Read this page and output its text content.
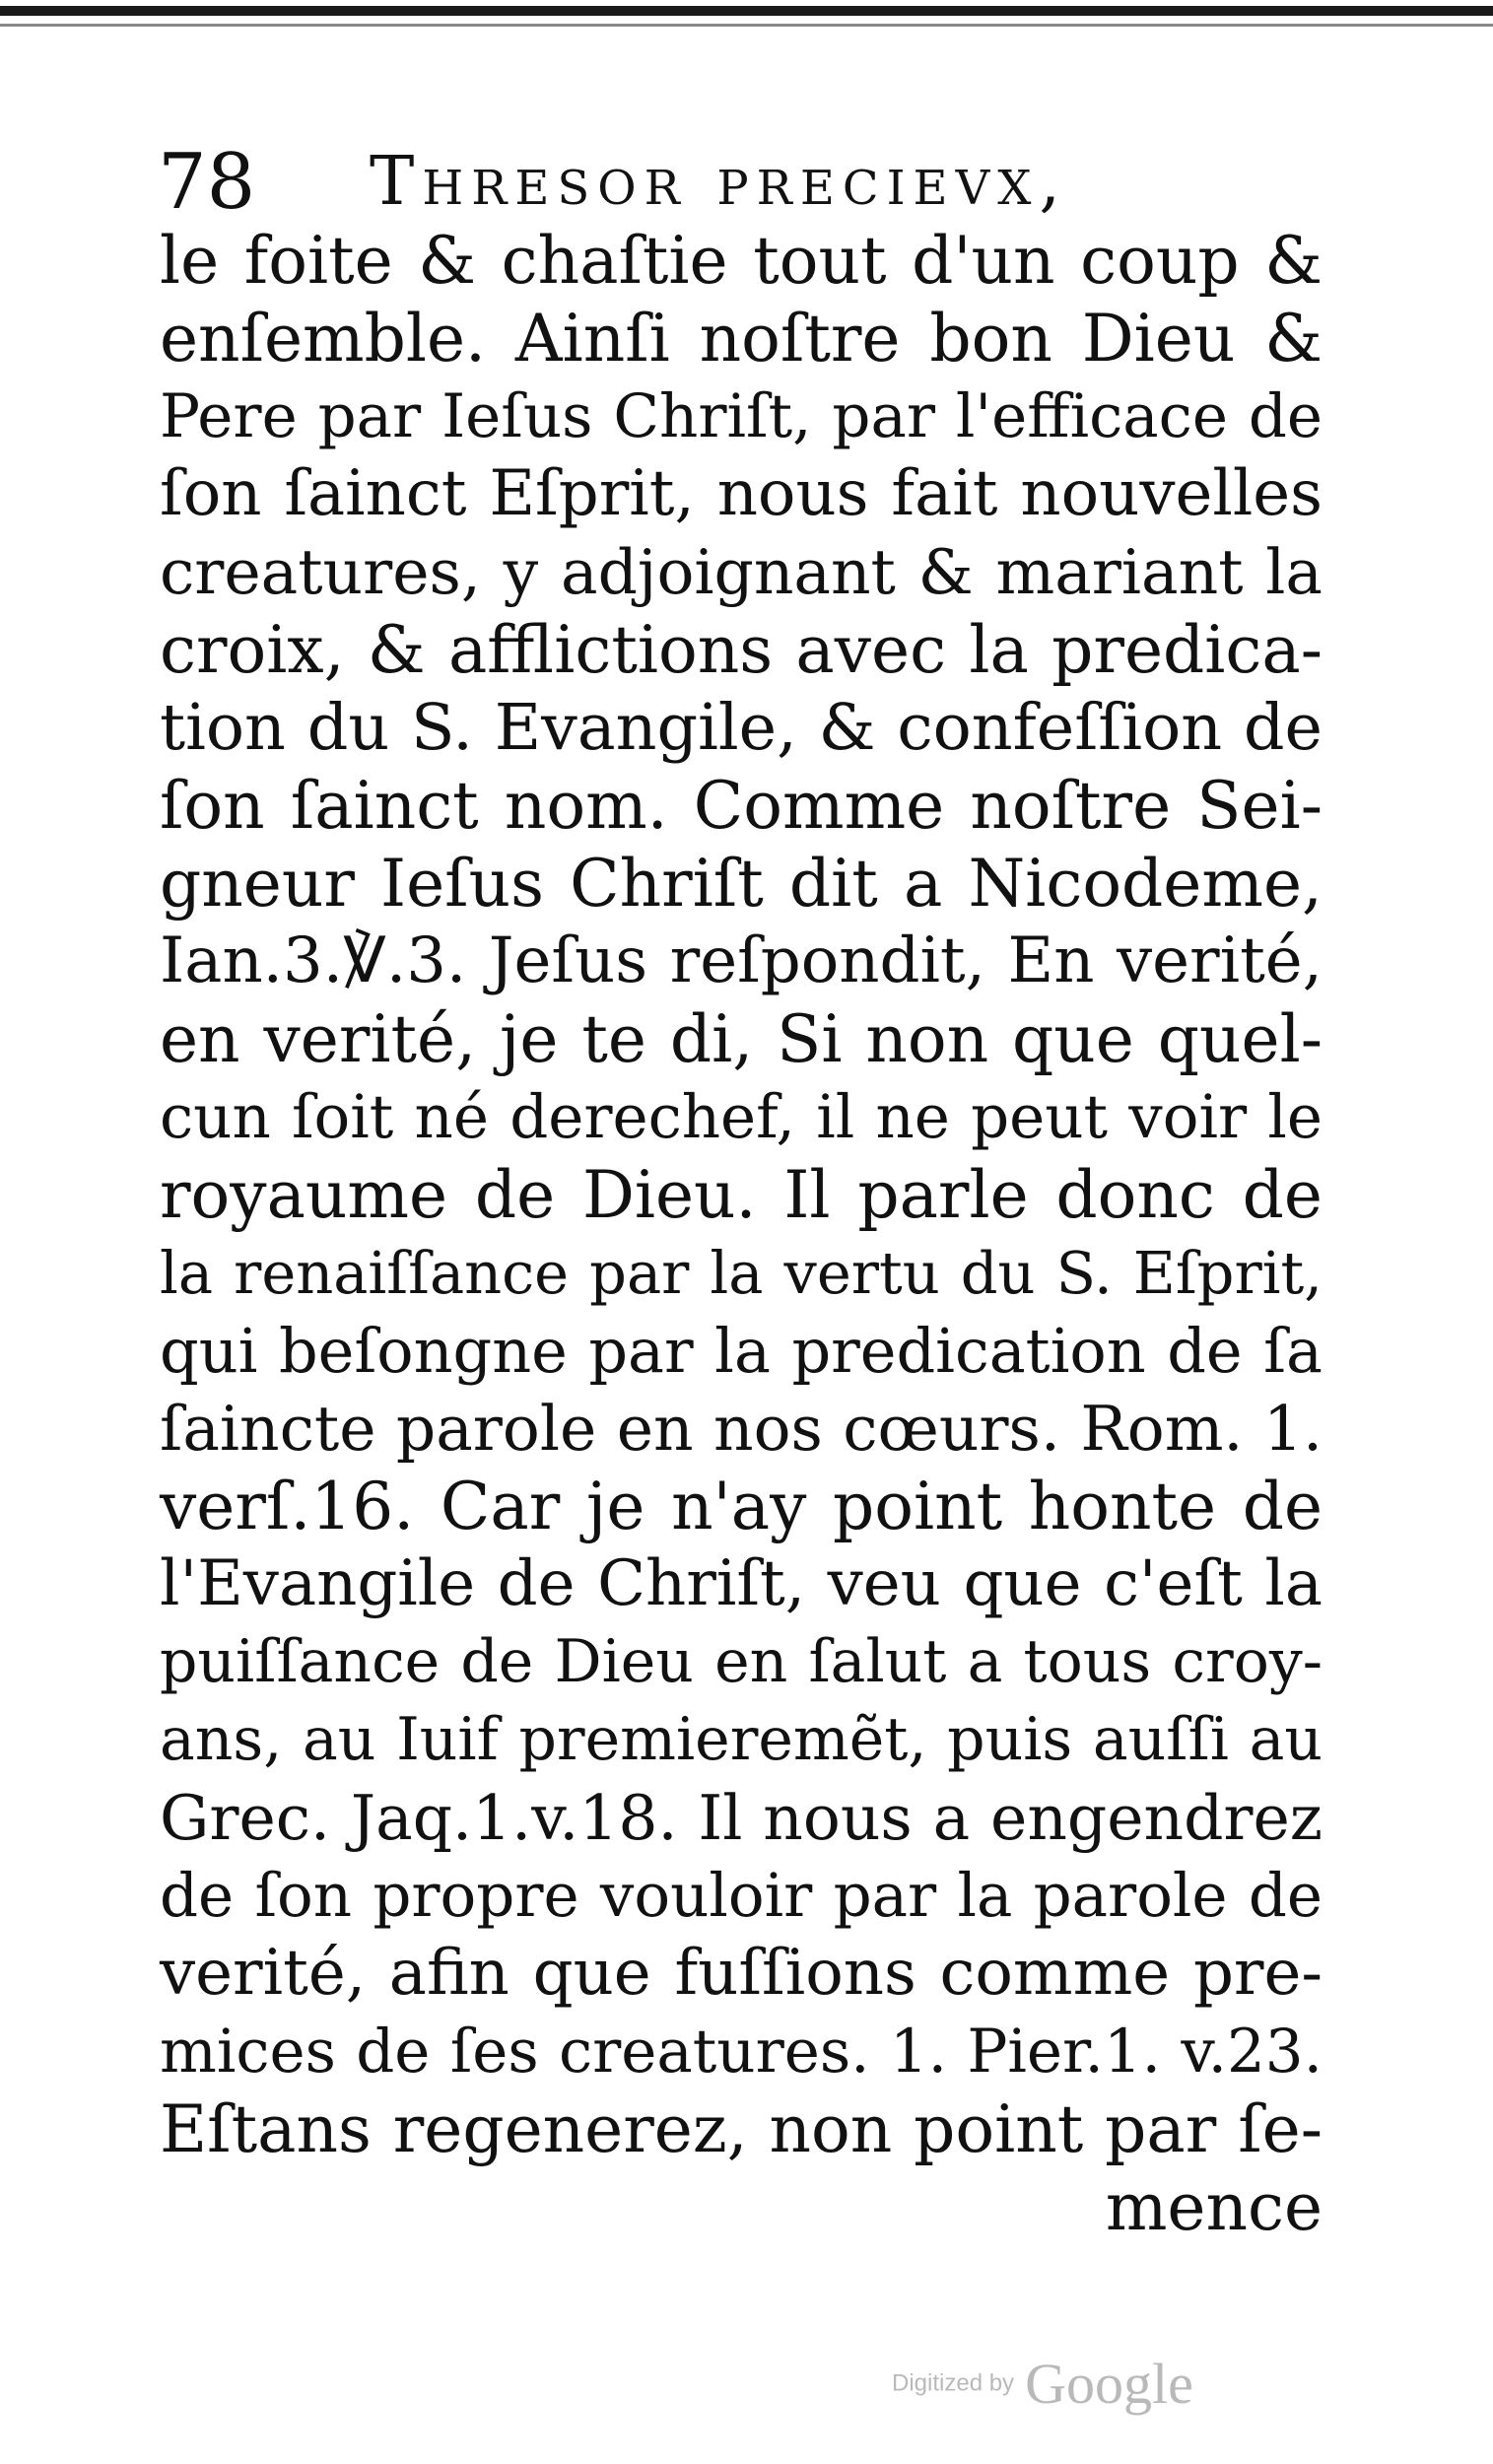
78 Thresor precievx,
le foite & chaſtie tout d'un coup &
enſemble. Ainſi noſtre bon Dieu &
Pere par Ieſus Chriſt, par l'efficace de
ſon ſainct Eſprit, nous fait nouvelles
creatures, y adjoignant & mariant la
croix, & afflictions avec la predica-
tion du S. Evangile, & confeſſion de
ſon ſainct nom. Comme noſtre Sei-
gneur Ieſus Chriſt dit a Nicodeme,
Ian.3.℣.3. Jeſus reſpondit, En verité,
en verité, je te di, Si non que quel-
cun ſoit né derechef, il ne peut voir le
royaume de Dieu. Il parle donc de
la renaiſſance par la vertu du S. Eſprit,
qui beſongne par la predication de ſa
ſaincte parole en nos cœurs. Rom. 1.
verſ.16. Car je n'ay point honte de
l'Evangile de Chriſt, veu que c'eſt la
puiſſance de Dieu en ſalut a tous croy-
ans, au Iuif premieremẽt, puis auſſi au
Grec. Jaq.1.v.18. Il nous a engendrez
de ſon propre vouloir par la parole de
verité, afin que fuſſions comme pre-
mices de ſes creatures. 1. Pier.1. v.23.
Eſtans regenerez, non point par ſe-
mence
Digitized by Google
